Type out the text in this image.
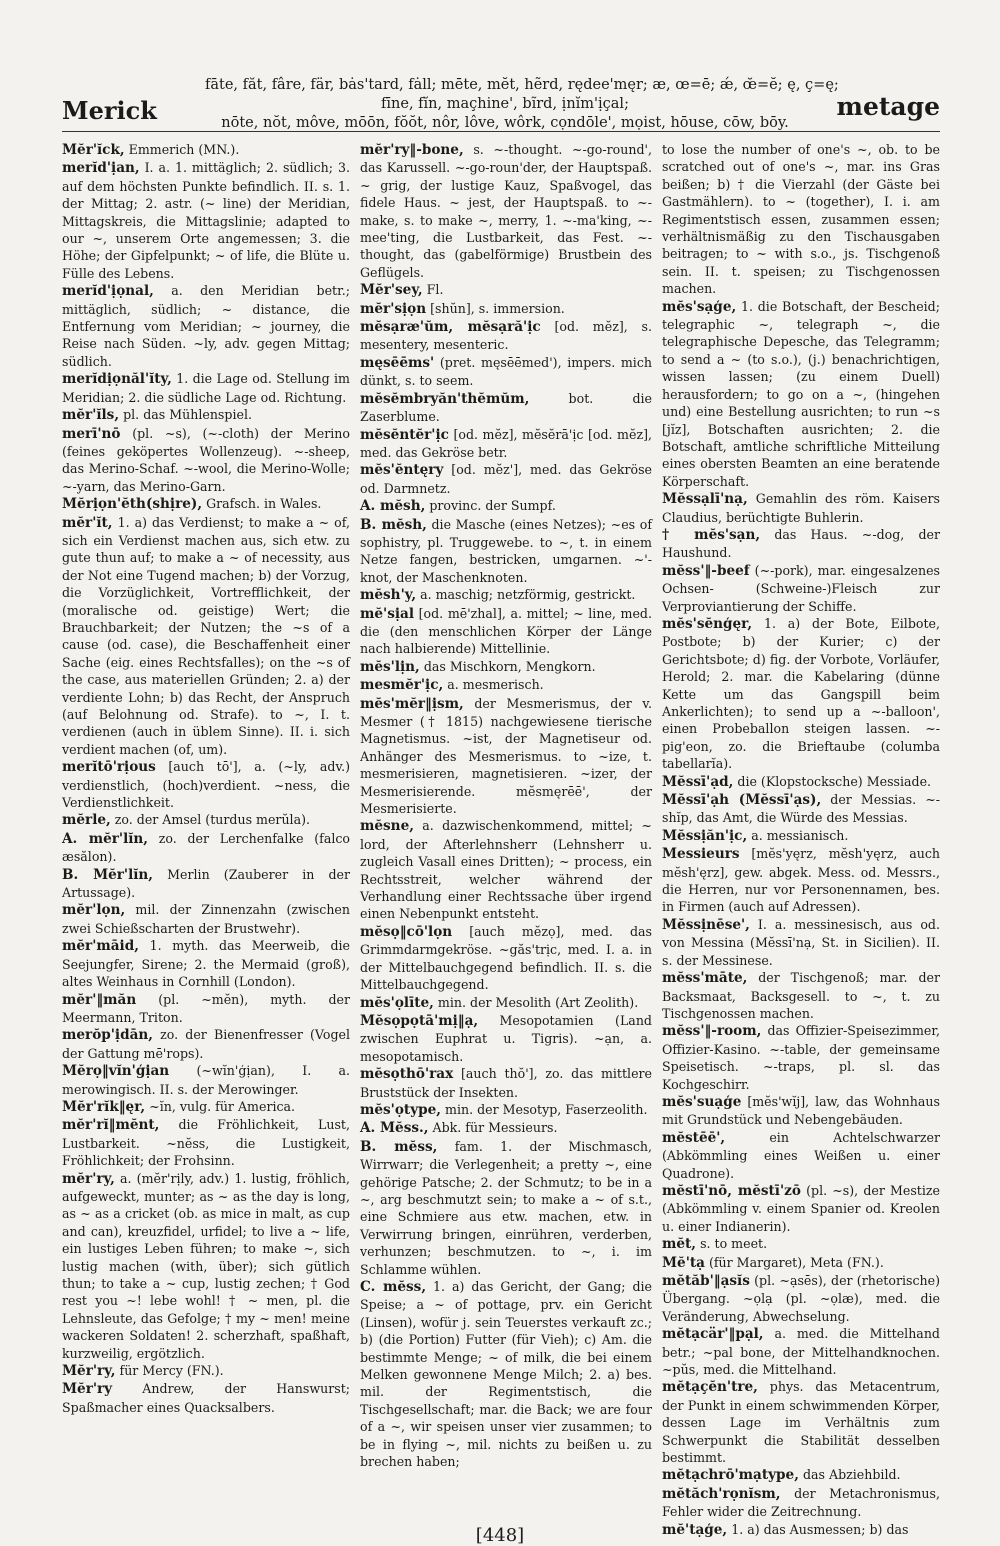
Merick
fāte, făt, fâre, fär, bȧs'tard, fȧll; mēte, mĕt, hẽrd, rędee'męr; æ, œ=ē; ǽ, œ̆=ĕ; ę, ç=ę;
fīne, fĭn, maçhine', bĩrd, ịnĭm'ịçal;
nōte, nŏt, môve, mōōn, fŏŏt, nôr, lôve, wôrk, cọndōle', mọist, hōuse, cōw, bōy.
metage

Mĕr'ĭck, Emmerich (MN.).

merĭd'ịan, I. a. 1. mittäglich; 2. südlich; 3. auf dem höchsten Punkte befindlich. II. s. 1. der Mittag; 2. astr. (~ line) der Meridian, Mittagskreis, die Mittagslinie; adapted to our ~, unserem Orte angemessen; 3. die Höhe; der Gipfelpunkt; ~ of life, die Blüte u. Fülle des Lebens.

merĭd'ịọnal, a. den Meridian betr.; mittäglich, südlich; ~ distance, die Entfernung vom Meridian; ~ journey, die Reise nach Süden. ~ly, adv. gegen Mittag; südlich.

merĭdịọnăl'ĭty, 1. die Lage od. Stellung im Meridian; 2. die südliche Lage od. Richtung.

mĕr'ĭls, pl. das Mühlenspiel.

merī'nō (pl. ~s), (~-cloth) der Merino (feines geköpertes Wollenzeug). ~-sheep, das Merino-Schaf. ~-wool, die Merino-Wolle; ~-yarn, das Merino-Garn.

Mĕrịọn'ĕth(shịre), Grafsch. in Wales.

mĕr'ĭt, 1. a) das Verdienst; to make a ~ of, sich ein Verdienst machen aus, sich etw. zu gute thun auf; to make a ~ of necessity, aus der Not eine Tugend machen; b) der Vorzug, die Vorzüglichkeit, Vortrefflichkeit, der (moralische od. geistige) Wert; die Brauchbarkeit; der Nutzen; the ~s of a cause (od. case), die Beschaffenheit einer Sache (eig. eines Rechtsfalles); on the ~s of the case, aus materiellen Gründen; 2. a) der verdiente Lohn; b) das Recht, der Anspruch (auf Belohnung od. Strafe). to ~, I. t. verdienen (auch in üblem Sinne). II. i. sich verdient machen (of, um).

merĭtō'rịous [auch tō'], a. (~ly, adv.) verdienstlich, (hoch)verdient. ~ness, die Verdienstlichkeit.

mĕrle, zo. der Amsel (turdus merŭla).

A. mĕr'lĭn, zo. der Lerchenfalke (falco æsălon).

B. Mĕr'lĭn, Merlin (Zauberer in der Artussage).

mĕr'lọn, mil. der Zinnenzahn (zwischen zwei Schießscharten der Brustwehr).

mĕr'māid, 1. myth. das Meerweib, die Seejungfer, Sirene; 2. the Mermaid (groß), altes Weinhaus in Cornhill (London).

mĕr'‖măn (pl. ~mĕn), myth. der Meermann, Triton.

merŏp'ịdān, zo. der Bienenfresser (Vogel der Gattung mē'rops).

Mĕrọ‖vĭn'ģịan (~wĭn'ģịan), I. a. merowingisch. II. s. der Merowinger.

Mĕr'rĭk‖ęr, ~ĭn, vulg. für America.

mĕr'rĭ‖mĕnt, die Fröhlichkeit, Lust, Lustbarkeit. ~nĕss, die Lustigkeit, Fröhlichkeit; der Frohsinn.

mĕr'ry, a. (mĕr'rịly, adv.) 1. lustig, fröhlich, aufgeweckt, munter; as ~ as the day is long, as ~ as a cricket (ob. as mice in malt, as cup and can), kreuzfidel, urfidel; to live a ~ life, ein lustiges Leben führen; to make ~, sich lustig machen (with, über); sich gütlich thun; to take a ~ cup, lustig zechen; † God rest you ~! lebe wohl! † ~ men, pl. die Lehnsleute, das Gefolge; † my ~ men! meine wackeren Soldaten! 2. scherzhaft, spaßhaft, kurzweilig, ergötzlich.

Mĕr'ry, für Mercy (FN.).

Mĕr'ry Andrew, der Hanswurst; Spaßmacher eines Quacksalbers.

mĕr'ry‖-bone, s. ~-thought. ~-go-round', das Karussell. ~-go-roun'der, der Hauptspaß. ~ grig, der lustige Kauz, Spaßvogel, das fidele Haus. ~ jest, der Hauptspaß. to ~-make, s. to make ~, merry, 1. ~-ma'king, ~-mee'ting, die Lustbarkeit, das Fest. ~-thought, das (gabelförmige) Brustbein des Geflügels.

Mĕr'sey, Fl.

mĕr'sịọn [shŭn], s. immersion.

mĕsạræ'ŭm, mĕsạră'ịc [od. mĕz], s. mesentery, mesenteric.

męsēēms' (pret. męsēēmed'), impers. mich dünkt, s. to seem.

mĕsĕmbryăn'thĕmŭm,	bot. die Zaserblume.

mĕsĕntĕr'ịc [od. mĕz], mĕsĕrā'ịc [od. mĕz], med. das Gekröse betr.

mĕs'ĕntęry [od. mĕz'], med. das Gekröse od. Darmnetz.

A. mĕsh, provinc. der Sumpf.

B. mĕsh, die Masche (eines Netzes); ~es of sophistry, pl. Truggewebe. to ~, t. in einem Netze fangen, bestricken, umgarnen. ~'-knot, der Maschenknoten.

mĕsh'y, a. maschig; netzförmig, gestrickt.

mĕ'sịal [od. mē'zhal], a. mittel; ~ line, med. die (den menschlichen Körper der Länge nach halbierende) Mittellinie.

mĕs'lịn, das Mischkorn, Mengkorn.

mesmĕr'ịc, a. mesmerisch.

mĕs'mĕr‖ịsm, der Mesmerismus, der v. Mesmer († 1815) nachgewiesene tierische Magnetismus. ~ist, der Magnetiseur od. Anhänger des Mesmerismus. to ~ize, t. mesmerisieren, magnetisieren. ~izer, der Mesmerisierende. mĕsmęrēē', der Mesmerisierte.

mĕsne, a. dazwischenkommend, mittel; ~ lord, der Afterlehnsherr (Lehnsherr u. zugleich Vasall eines Dritten); ~ process, ein Rechtsstreit, welcher während der Verhandlung einer Rechtssache über irgend einen Nebenpunkt entsteht.

mĕsọ‖cō'lọn [auch mĕzọ], med. das Grimmdarmgekröse. ~găs'trịc, med. I. a. in der Mittelbauchgegend befindlich. II. s. die Mittelbauchgegend.

mĕs'ọlīte, min. der Mesolith (Art Zeolith).

Mĕsọpọtā'mị‖ạ, Mesopotamien (Land zwischen Euphrat u. Tigris). ~ạn, a. mesopotamisch.

mĕsọthō'rax [auch thŏ'], zo. das mittlere Bruststück der Insekten.

mĕs'ọtype, min. der Mesotyp, Faserzeolith.

A. Mĕss., Abk. für Messieurs.

B. mĕss, fam. 1. der Mischmasch, Wirrwarr; die Verlegenheit; a pretty ~, eine gehörige Patsche; 2. der Schmutz; to be in a ~, arg beschmutzt sein; to make a ~ of s.t., eine Schmiere aus etw. machen, etw. in Verwirrung bringen, einrühren, verderben, verhunzen; beschmutzen. to ~, i. im Schlamme wühlen.

C. mĕss, 1. a) das Gericht, der Gang; die Speise; a ~ of pottage, prv. ein Gericht (Linsen), wofür j. sein Teuerstes verkauft zc.; b) (die Portion) Futter (für Vieh); c) Am. die bestimmte Menge; ~ of milk, die bei einem Melken gewonnene Menge Milch; 2. a) bes. mil. der Regimentstisch, die Tischgesellschaft; mar. die Back; we are four of a ~, wir speisen unser vier zusammen; to be in flying ~, mil. nichts zu beißen u. zu brechen haben;

to lose the number of one's ~, ob. to be scratched out of one's ~, mar. ins Gras beißen; b) † die Vierzahl (der Gäste bei Gastmählern). to ~ (together), I. i. am Regimentstisch essen, zusammen essen; verhältnismäßig zu den Tischausgaben beitragen; to ~ with s.o., js. Tischgenoß sein. II. t. speisen; zu Tischgenossen machen.

mĕs'sạģe, 1. die Botschaft, der Bescheid; telegraphic ~, telegraph ~, die telegraphische Depesche, das Telegramm; to send a ~ (to s.o.), (j.) benachrichtigen, wissen lassen; (zu einem Duell) herausfordern; to go on a ~, (hingehen und) eine Bestellung ausrichten; to run ~s [jĭz], Botschaften ausrichten; 2. die Botschaft, amtliche schriftliche Mitteilung eines obersten Beamten an eine beratende Körperschaft.

Mĕssạlī'nạ, Gemahlin des röm. Kaisers Claudius, berüchtigte Buhlerin.

† mĕs'sạn, das Haus. ~-dog, der Haushund.

mĕss'‖-beef (~-pork), mar. eingesalzenes Ochsen- (Schweine-)Fleisch zur Verproviantierung der Schiffe.

mĕs'sĕnģęr, 1. a) der Bote, Eilbote, Postbote; b) der Kurier; c) der Gerichtsbote; d) fig. der Vorbote, Vorläufer, Herold; 2. mar. die Kabelaring (dünne Kette um das Gangspill beim Ankerlichten); to send up a ~-balloon', einen Probeballon steigen lassen. ~-pig'eon, zo. die Brieftaube (columba tabellarĭa).

Mĕssī'ạd, die (Klopstocksche) Messiade.

Mĕssī'ạh (Mĕssī'ạs), der Messias. ~-shĭp, das Amt, die Würde des Messias.

Mĕssịăn'ịc, a. messianisch.

Messieurs [mĕs'yęrz, mĕsh'yęrz, auch mĕsh'ęrz], gew. abgek. Mess. od. Messrs., die Herren, nur vor Personennamen, bes. in Firmen (auch auf Adressen).

Mĕssịnēse', I. a. messinesisch, aus od. von Messina (Mĕssī'nạ, St. in Sicilien). II. s. der Messinese.

mĕss'māte, der Tischgenoß; mar. der Backsmaat, Backsgesell. to ~, t. zu Tischgenossen machen.

mĕss'‖-room, das Offizier-Speisezimmer, Offizier-Kasino. ~-table, der gemeinsame Speisetisch. ~-traps, pl. sl. das Kochgeschirr.

mĕs'suạģe [mĕs'wĭj], law, das Wohnhaus mit Grundstück und Nebengebäuden.

mĕstēē',	ein Achtelschwarzer (Abkömmling eines Weißen u. einer Quadrone).

mĕstī'nō, mĕstī'zō (pl. ~s), der Mestize (Abkömmling v. einem Spanier od. Kreolen u. einer Indianerin).

mĕt, s. to meet.

Mĕ'tạ (für Margaret), Meta (FN.).

mĕtăb'‖ạsĭs (pl. ~ạsēs), der (rhetorische) Übergang. ~ọlạ (pl. ~ọlæ), med. die Veränderung, Abwechselung.

mĕtạcär'‖pạl, a. med. die Mittelhand betr.; ~pal bone, der Mittelhandknochen. ~pŭs, med. die Mittelhand.

mĕtạçĕn'tre, phys. das Metacentrum, der Punkt in einem schwimmenden Körper, dessen Lage im Verhältnis zum Schwerpunkt die Stabilität desselben bestimmt.

mĕtạchrō'mạtype, das Abziehbild.

mĕtăch'rọnĭsm, der Metachronismus, Fehler wider die Zeitrechnung.

mĕ'tạģe, 1. a) das Ausmessen; b) das

[448]
